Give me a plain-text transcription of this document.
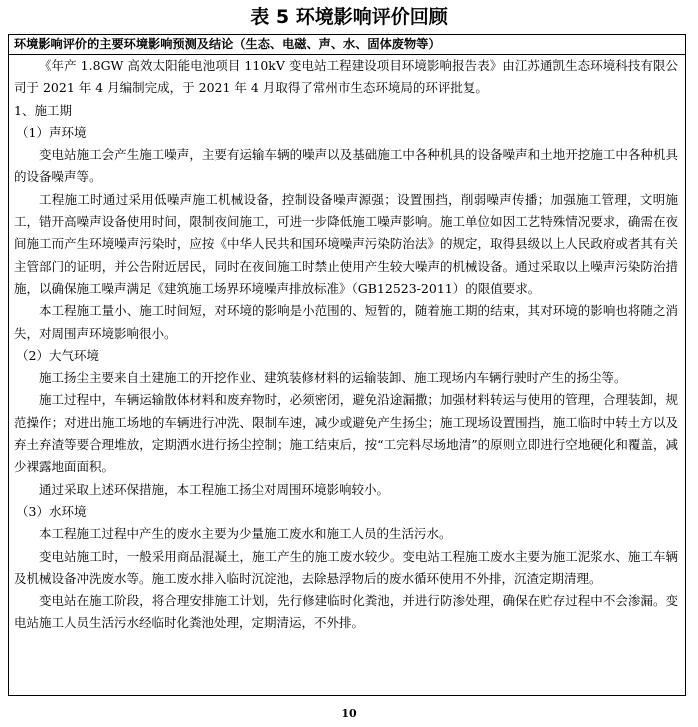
表 5 环境影响评价回顾
环境影响评价的主要环境影响预测及结论（生态、电磁、声、水、固体废物等）

《年产 1.8GW 高效太阳能电池项目 110kV 变电站工程建设项目环境影响报告表》由江苏通凯生态环境科技有限公司于 2021 年 4 月编制完成，于 2021 年 4 月取得了常州市生态环境局的环评批复。

1、施工期

（1）声环境

变电站施工会产生施工噪声，主要有运输车辆的噪声以及基础施工中各种机具的设备噪声和土地开挖施工中各种机具的设备噪声等。

工程施工时通过采用低噪声施工机械设备，控制设备噪声源强；设置围挡，削弱噪声传播；加强施工管理，文明施工，错开高噪声设备使用时间，限制夜间施工，可进一步降低施工噪声影响。施工单位如因工艺特殊情况要求，确需在夜间施工而产生环境噪声污染时，应按《中华人民共和国环境噪声污染防治法》的规定，取得县级以上人民政府或者其有关主管部门的证明，并公告附近居民，同时在夜间施工时禁止使用产生较大噪声的机械设备。通过采取以上噪声污染防治措施，以确保施工噪声满足《建筑施工场界环境噪声排放标准》（GB12523-2011）的限值要求。

本工程施工量小、施工时间短，对环境的影响是小范围的、短暂的，随着施工期的结束，其对环境的影响也将随之消失，对周围声环境影响很小。

（2）大气环境

施工扬尘主要来自土建施工的开挖作业、建筑装修材料的运输装卸、施工现场内车辆行驶时产生的扬尘等。

施工过程中，车辆运输散体材料和废弃物时，必须密闭，避免沿途漏撒；加强材料转运与使用的管理，合理装卸，规范操作；对进出施工场地的车辆进行冲洗、限制车速，减少或避免产生扬尘；施工现场设置围挡，施工临时中转土方以及弃土弃渣等要合理堆放，定期洒水进行扬尘控制；施工结束后，按“工完料尽场地清”的原则立即进行空地硬化和覆盖，减少裸露地面面积。

通过采取上述环保措施，本工程施工扬尘对周围环境影响较小。

（3）水环境

本工程施工过程中产生的废水主要为少量施工废水和施工人员的生活污水。

变电站施工时，一般采用商品混凝土，施工产生的施工废水较少。变电站工程施工废水主要为施工泥浆水、施工车辆及机械设备冲洗废水等。施工废水排入临时沉淀池，去除悬浮物后的废水循环使用不外排，沉渣定期清理。

变电站在施工阶段，将合理安排施工计划，先行修建临时化粪池，并进行防渗处理，确保在贮存过程中不会渗漏。变电站施工人员生活污水经临时化粪池处理，定期清运，不外排。

10
